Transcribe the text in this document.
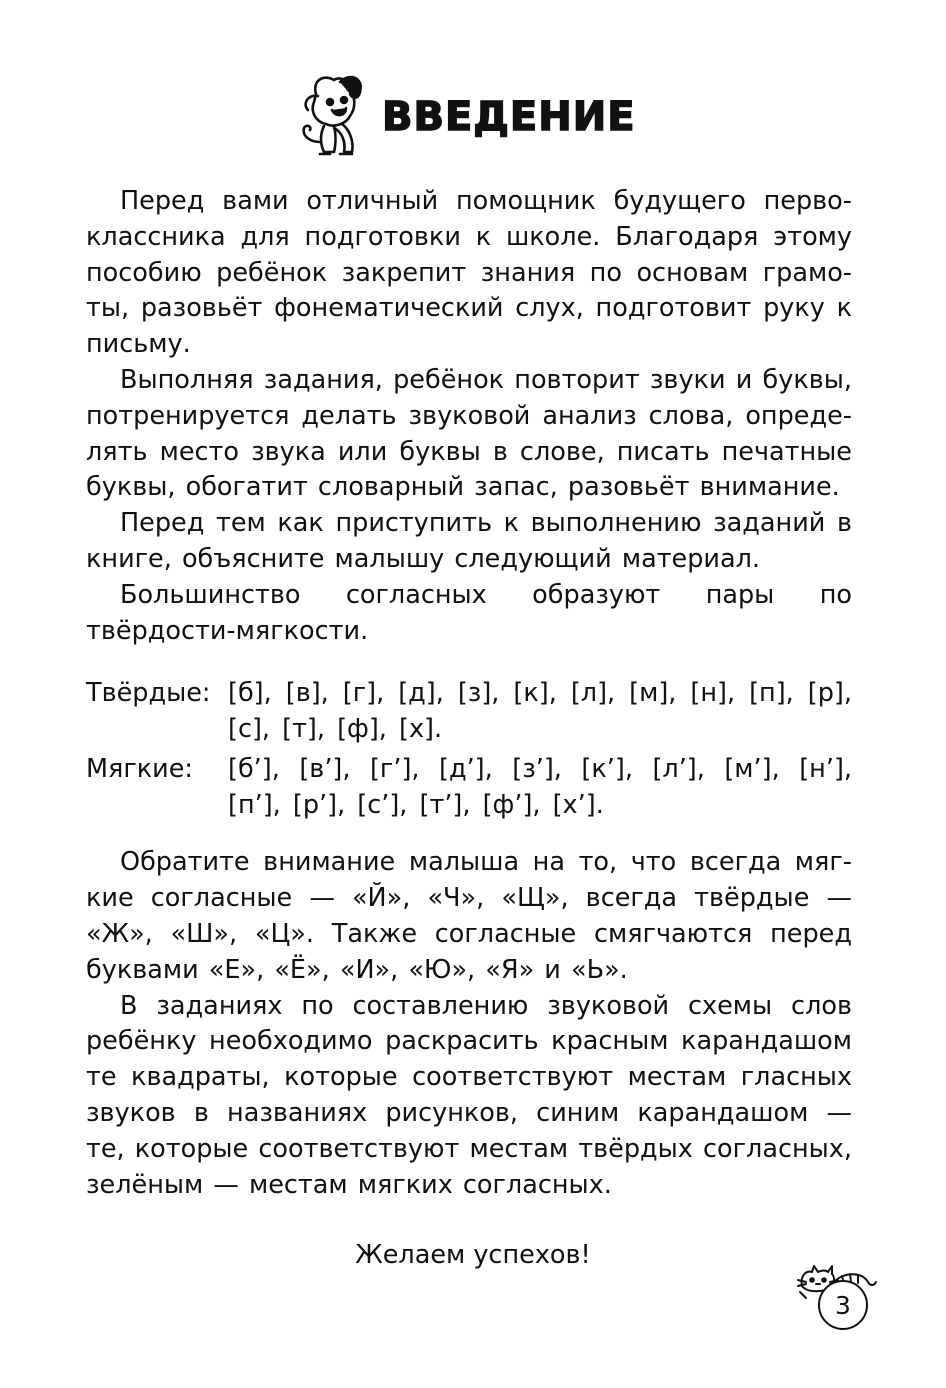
ВВЕДЕНИЕ

Перед вами отличный помощник будущего первоклассника для подготовки к школе. Благодаря этому пособию ребёнок закрепит знания по основам грамоты, разовьёт фонематический слух, подготовит руку к письму.

Выполняя задания, ребёнок повторит звуки и буквы, потренируется делать звуковой анализ слова, определять место звука или буквы в слове, писать печатные буквы, обогатит словарный запас, разовьёт внимание.

Перед тем как приступить к выполнению заданий в книге, объясните малышу следующий материал.

Большинство согласных образуют пары по твёрдости-мягкости.

Твёрдые: [б], [в], [г], [д], [з], [к], [л], [м], [н], [п], [р], [с], [т], [ф], [х].
Мягкие:	[б’], [в’], [г’], [д’], [з’], [к’], [л’], [м’], [н’], [п’], [р’], [с’], [т’], [ф’], [х’].

Обратите внимание малыша на то, что всегда мягкие согласные — «Й», «Ч», «Щ», всегда твёрдые — «Ж», «Ш», «Ц». Также согласные смягчаются перед буквами «Е», «Ё», «И», «Ю», «Я» и «Ь».

В заданиях по составлению звуковой схемы слов ребёнку необходимо раскрасить красным карандашом те квадраты, которые соответствуют местам гласных звуков в названиях рисунков, синим карандашом — те, которые соответствуют местам твёрдых согласных, зелёным — местам мягких согласных.

Желаем успехов!
3
